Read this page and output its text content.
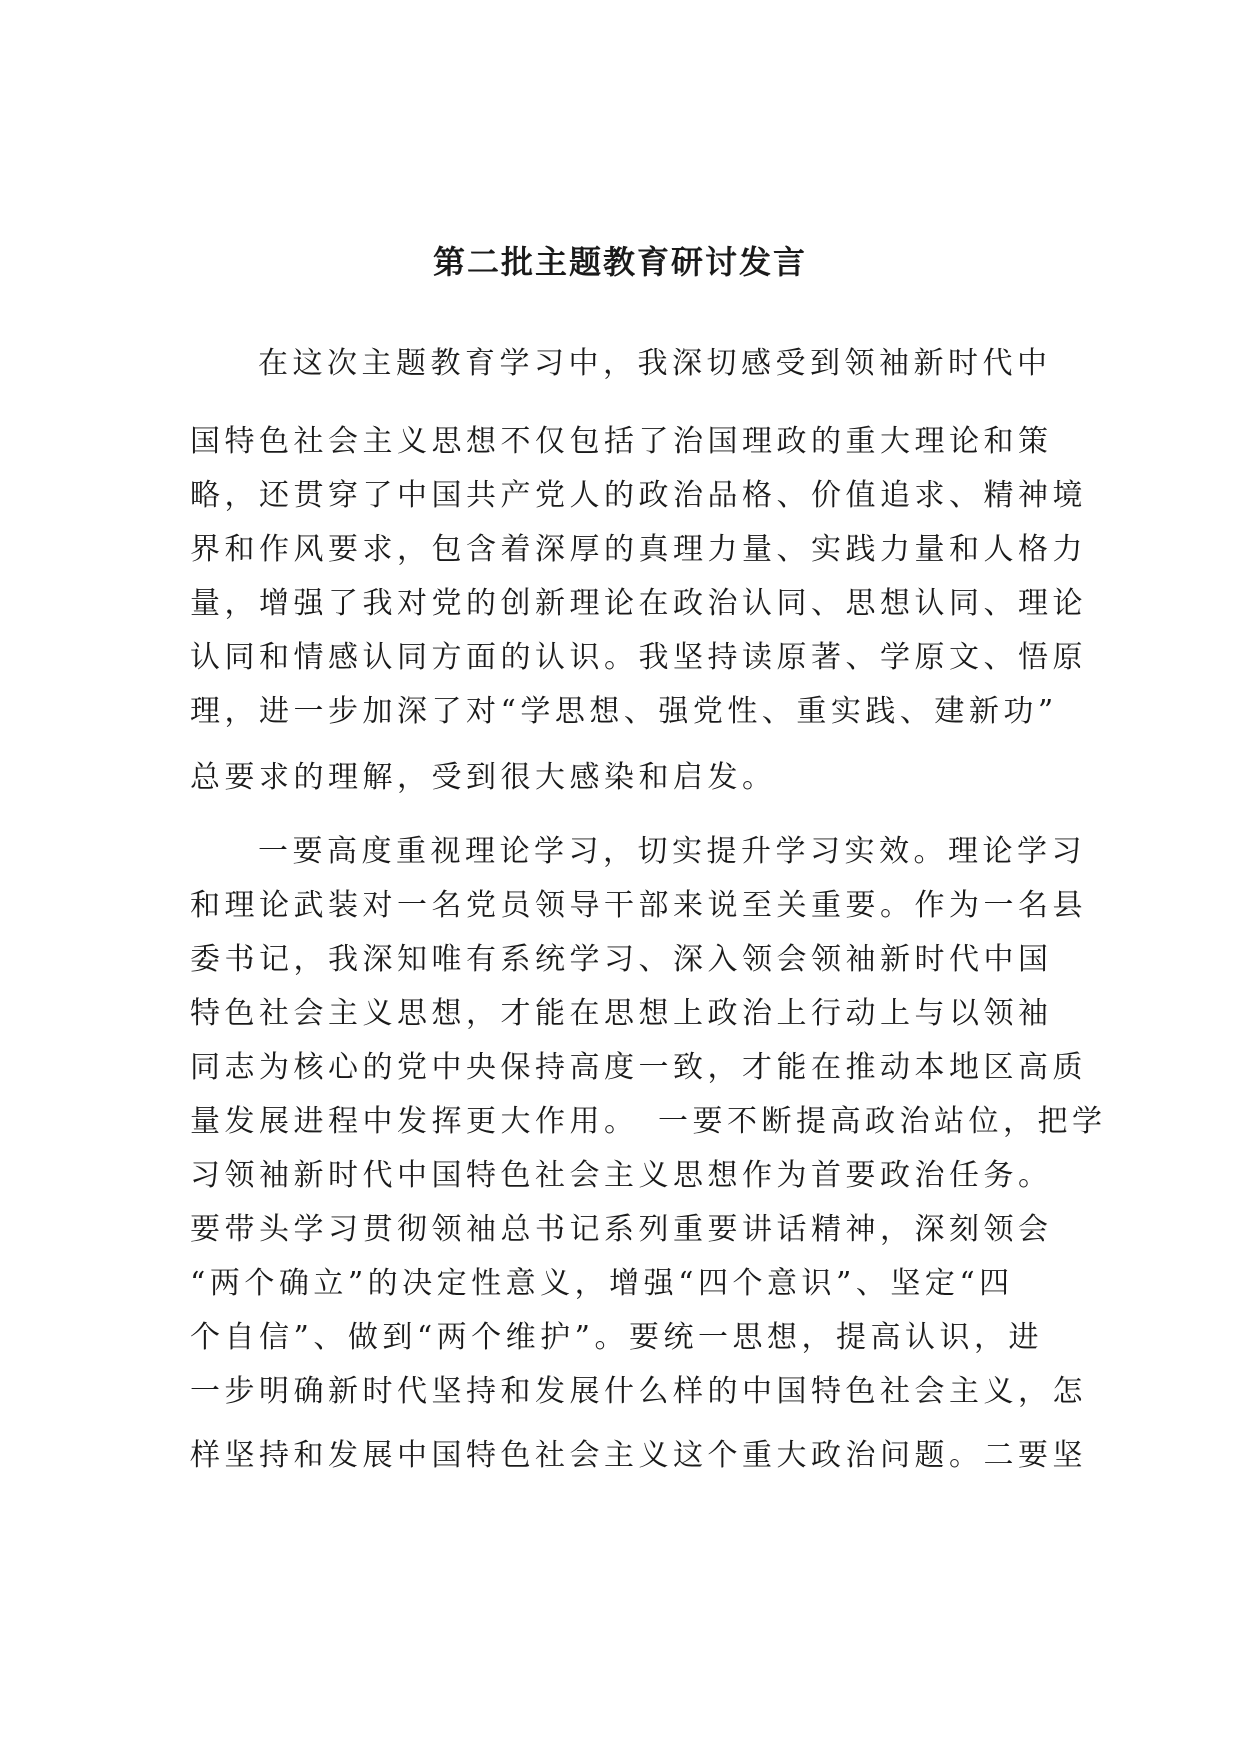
第二批主题教育研讨发言
在这次主题教育学习中，我深切感受到领袖新时代中
国特色社会主义思想不仅包括了治国理政的重大理论和策
略，还贯穿了中国共产党人的政治品格、价值追求、精神境
界和作风要求，包含着深厚的真理力量、实践力量和人格力
量，增强了我对党的创新理论在政治认同、思想认同、理论
认同和情感认同方面的认识。我坚持读原著、学原文、悟原
理，进一步加深了对“学思想、强党性、重实践、建新功”
总要求的理解，受到很大感染和启发。
一要高度重视理论学习，切实提升学习实效。理论学习
和理论武装对一名党员领导干部来说至关重要。作为一名县
委书记，我深知唯有系统学习、深入领会领袖新时代中国
特色社会主义思想，才能在思想上政治上行动上与以领袖
同志为核心的党中央保持高度一致，才能在推动本地区高质
量发展进程中发挥更大作用。　一要不断提高政治站位，把学
习领袖新时代中国特色社会主义思想作为首要政治任务。
要带头学习贯彻领袖总书记系列重要讲话精神，深刻领会
“两个确立”的决定性意义，增强“四个意识”、坚定“四
个自信”、做到“两个维护”。要统一思想，提高认识，进
一步明确新时代坚持和发展什么样的中国特色社会主义，怎
样坚持和发展中国特色社会主义这个重大政治问题。二要坚
